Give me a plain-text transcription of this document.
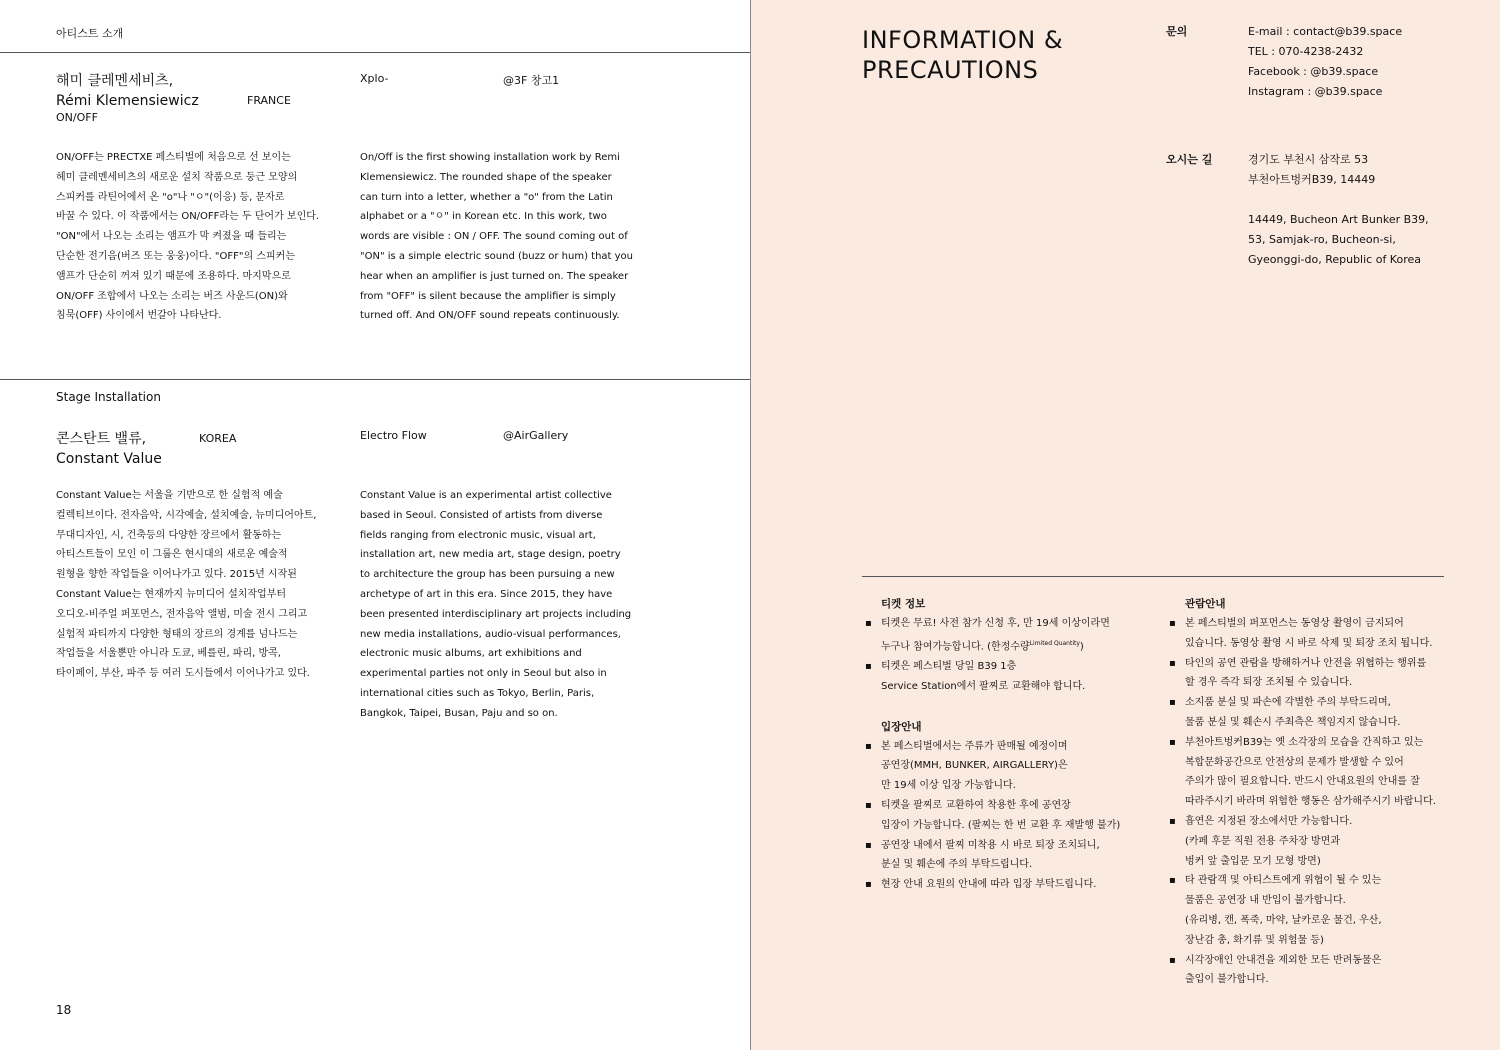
아티스트 소개
해미 클레멘세비츠,
Rémi Klemensiewicz	FRANCE
ON/OFF
Xplo-	@3F 창고1
ON/OFF는 PRECTXE 페스티벌에 처음으로 선 보이는
헤미 클레멘세비츠의 새로운 설치 작품으로 둥근 모양의
스피커를 라틴어에서 온 "o"나 "ㅇ"(이응) 등, 문자로
바꿀 수 있다. 이 작품에서는 ON/OFF라는 두 단어가 보인다.
"ON"에서 나오는 소리는 앰프가 막 켜졌을 때 들리는
단순한 전기음(버즈 또는 웅웅)이다. "OFF"의 스피커는
앰프가 단순히 꺼져 있기 때문에 조용하다. 마지막으로
ON/OFF 조합에서 나오는 소리는 버즈 사운드(ON)와
침묵(OFF) 사이에서 번갈아 나타난다.
On/Off is the first showing installation work by Remi
Klemensiewicz. The rounded shape of the speaker
can turn into a letter, whether a "o" from the Latin
alphabet or a "ㅇ" in Korean etc. In this work, two
words are visible : ON / OFF. The sound coming out of
"ON" is a simple electric sound (buzz or hum) that you
hear when an amplifier is just turned on. The speaker
from "OFF" is silent because the amplifier is simply
turned off. And ON/OFF sound repeats continuously.
Stage Installation
콘스탄트 밸류,
Constant Value
KOREA	Electro Flow	@AirGallery
Constant Value는 서울을 기반으로 한 실험적 예술
컬렉티브이다. 전자음악, 시각예술, 설치예술, 뉴미디어아트,
무대디자인, 시, 건축등의 다양한 장르에서 활동하는
아티스트들이 모인 이 그룹은 현시대의 새로운 예술적
원형을 향한 작업들을 이어나가고 있다. 2015년 시작된
Constant Value는 현재까지 뉴미디어 설치작업부터
오디오-비주얼 퍼포먼스, 전자음악 앨범, 미술 전시 그리고
실험적 파티까지 다양한 형태의 장르의 경계를 넘나드는
작업들을 서울뿐만 아니라 도쿄, 베를린, 파리, 방콕,
타이페이, 부산, 파주 등 여러 도시들에서 이어나가고 있다.
Constant Value is an experimental artist collective
based in Seoul. Consisted of artists from diverse
fields ranging from electronic music, visual art,
installation art, new media art, stage design, poetry
to architecture the group has been pursuing a new
archetype of art in this era. Since 2015, they have
been presented interdisciplinary art projects including
new media installations, audio-visual performances,
electronic music albums, art exhibitions and
experimental parties not only in Seoul but also in
international cities such as Tokyo, Berlin, Paris,
Bangkok, Taipei, Busan, Paju and so on.
18
INFORMATION &
PRECAUTIONS
문의	E-mail : contact@b39.space
TEL : 070-4238-2432
Facebook : @b39.space
Instagram : @b39.space
오시는 길	경기도 부천시 삼작로 53
부천아트벙커B39, 14449
14449, Bucheon Art Bunker B39,
53, Samjak-ro, Bucheon-si,
Gyeonggi-do, Republic of Korea
티켓 정보
▪ 티켓은 무료! 사전 참가 신청 후, 만 19세 이상이라면
누구나 참여가능합니다. (한정수량$^{Limited Quantity}$)
▪ 티켓은 페스티벌 당일 B39 1층
Service Station에서 팔찌로 교환해야 합니다.
입장안내
▪ 본 페스티벌에서는 주류가 판매될 예정이며
공연장(MMH, BUNKER, AIRGALLERY)은
만 19세 이상 입장 가능합니다.
▪ 티켓을 팔찌로 교환하여 착용한 후에 공연장
입장이 가능합니다. (팔찌는 한 번 교환 후 재발행 불가)
▪ 공연장 내에서 팔찌 미착용 시 바로 퇴장 조치되니,
분실 및 훼손에 주의 부탁드립니다.
▪ 현장 안내 요원의 안내에 따라 입장 부탁드립니다.
관람안내
▪ 본 페스티벌의 퍼포먼스는 동영상 촬영이 금지되어
있습니다. 동영상 촬영 시 바로 삭제 및 퇴장 조치 됩니다.
▪ 타인의 공연 관람을 방해하거나 안전을 위협하는 행위를
할 경우 즉각 퇴장 조치될 수 있습니다.
▪ 소지품 분실 및 파손에 각별한 주의 부탁드리며,
물품 분실 및 훼손시 주최측은 책임지지 않습니다.
▪ 부천아트벙커B39는 옛 소각장의 모습을 간직하고 있는
복합문화공간으로 안전상의 문제가 발생할 수 있어
주의가 많이 필요합니다. 반드시 안내요원의 안내를 잘
따라주시기 바라며 위험한 행동은 삼가해주시기 바랍니다.
▪ 흡연은 지정된 장소에서만 가능합니다.
(카페 후문 직원 전용 주차장 방면과
벙커 앞 출입문 모기 모형 방면)
▪ 타 관람객 및 아티스트에게 위협이 될 수 있는
물품은 공연장 내 반입이 불가합니다.
(유리병, 캔, 폭죽, 마약, 날카로운 물건, 우산,
장난감 총, 화기류 및 위험물 등)
▪ 시각장애인 안내견을 제외한 모든 반려동물은
출입이 불가합니다.
